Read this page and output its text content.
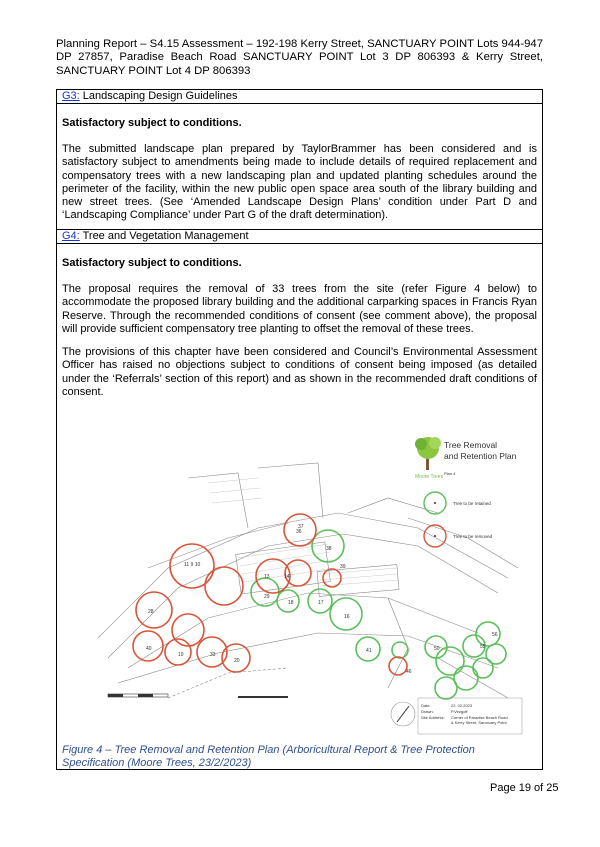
Planning Report – S4.15 Assessment – 192-198 Kerry Street, SANCTUARY POINT Lots 944-947 DP 27857, Paradise Beach Road SANCTUARY POINT Lot 3 DP 806393 & Kerry Street, SANCTUARY POINT Lot 4 DP 806393
G3: Landscaping Design Guidelines
Satisfactory subject to conditions.
The submitted landscape plan prepared by TaylorBrammer has been considered and is satisfactory subject to amendments being made to include details of required replacement and compensatory trees with a new landscaping plan and updated planting schedules around the perimeter of the facility, within the new public open space area south of the library building and new street trees. (See ‘Amended Landscape Design Plans’ condition under Part D and ‘Landscaping Compliance’ under Part G of the draft determination).
G4: Tree and Vegetation Management
Satisfactory subject to conditions.
The proposal requires the removal of 33 trees from the site (refer Figure 4 below) to accommodate the proposed library building and the additional carparking spaces in Francis Ryan Reserve. Through the recommended conditions of consent (see comment above), the proposal will provide sufficient compensatory tree planting to offset the removal of these trees.
The provisions of this chapter have been considered and Council’s Environmental Assessment Officer has raised no objections subject to conditions of consent being imposed (as detailed under the ‘Referrals’ section of this report) and as shown in the recommended draft conditions of consent.
37
38
39
11 9 10
13	14
29
18	17
16
41	50	55
56
28
40
19	33
20
36
46
Tree Removal
and Retention Plan
Moore Trees
Plan 4
Tree to be retained
Tree to be removed
Date:	22. 02.2023
Drawn:	P.Vezgoff
Site Address: Corner of Paradise Beach Road
& Kerry Street, Sanctuary Point
Figure 4 – Tree Removal and Retention Plan (Arboricultural Report & Tree Protection Specification (Moore Trees, 23/2/2023)
Page 19 of 25
